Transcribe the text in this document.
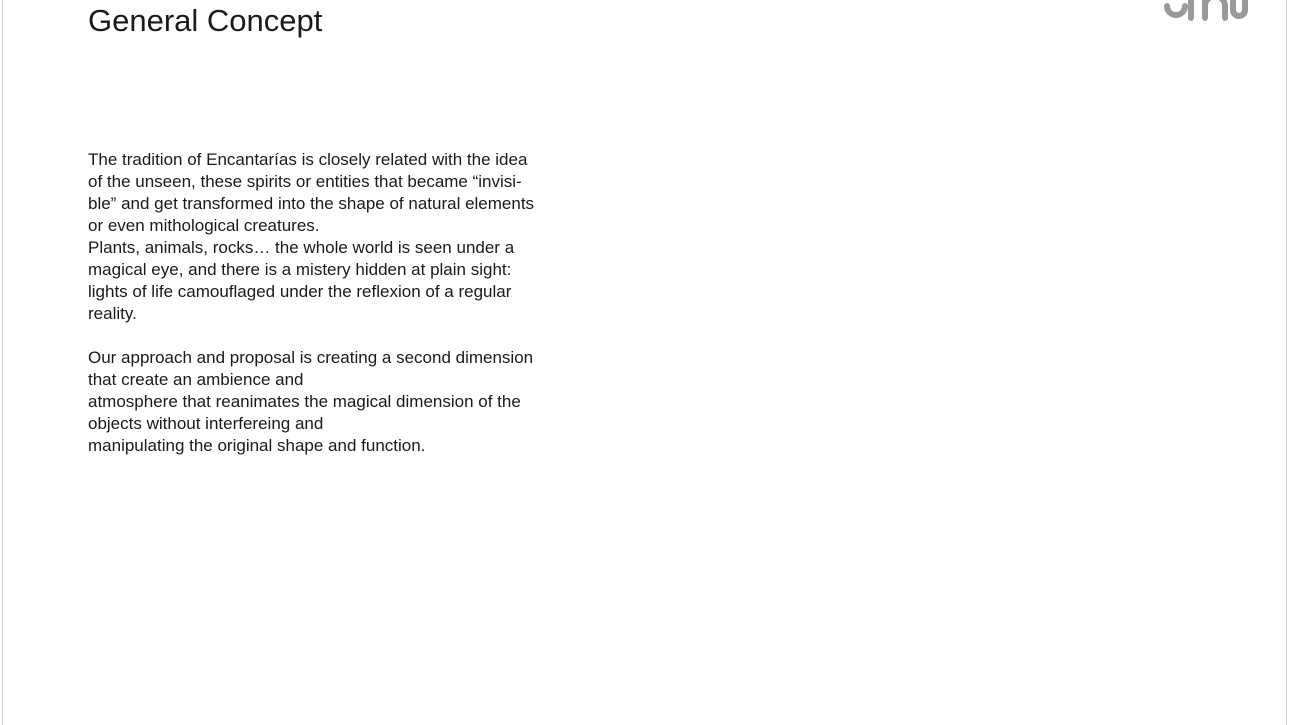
General Concept

The tradition of Encantarías is closely related with the idea
of the unseen, these spirits or entities that became “invisi-
ble” and get transformed into the shape of natural elements
or even mithological creatures.

Plants, animals, rocks… the whole world is seen under a
magical eye, and there is a mistery hidden at plain sight:
lights of life camouflaged under the reflexion of a regular
reality.

Our approach and proposal is creating a second dimension
that create an ambience and
atmosphere that reanimates the magical dimension of the
objects without interfereing and
manipulating the original shape and function.
